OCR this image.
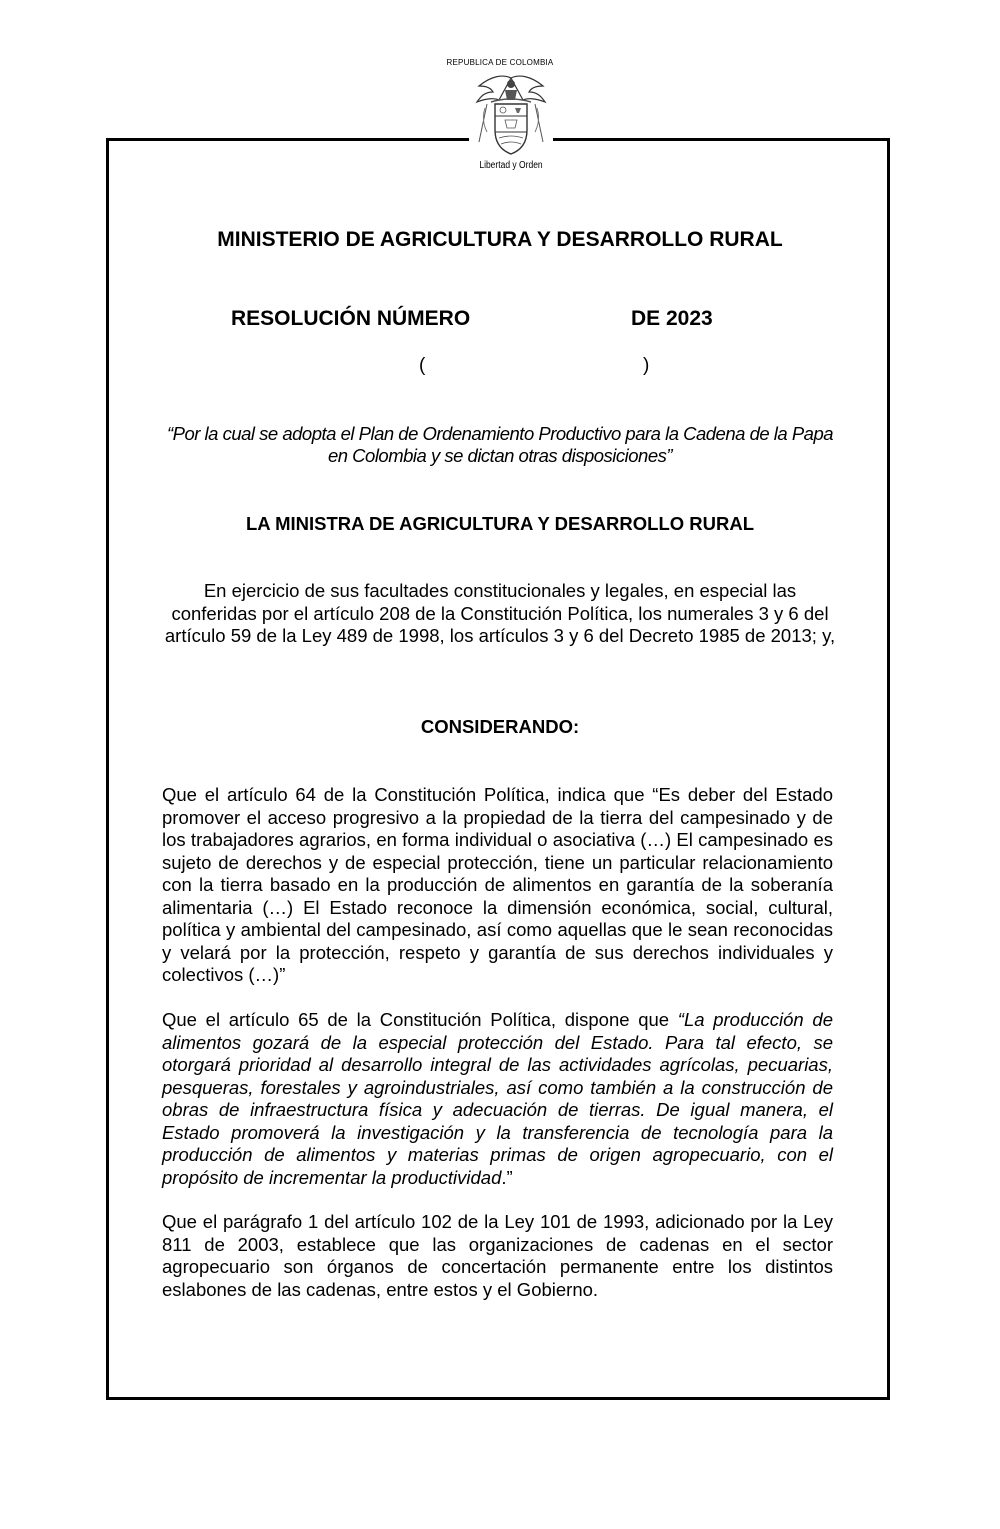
REPUBLICA DE COLOMBIA
Libertad y Orden
MINISTERIO DE AGRICULTURA Y DESARROLLO RURAL
RESOLUCIÓN NÚMERO	DE 2023
(	)
“Por la cual se adopta el Plan de Ordenamiento Productivo para la Cadena de la Papa en Colombia y se dictan otras disposiciones”
LA MINISTRA DE AGRICULTURA Y DESARROLLO RURAL
En ejercicio de sus facultades constitucionales y legales, en especial las conferidas por el artículo 208 de la Constitución Política, los numerales 3 y 6 del artículo 59 de la Ley 489 de 1998, los artículos 3 y 6 del Decreto 1985 de 2013; y,
CONSIDERANDO:
Que el artículo 64 de la Constitución Política, indica que “Es deber del Estado promover el acceso progresivo a la propiedad de la tierra del campesinado y de los trabajadores agrarios, en forma individual o asociativa (…) El campesinado es sujeto de derechos y de especial protección, tiene un particular relacionamiento con la tierra basado en la producción de alimentos en garantía de la soberanía alimentaria (…) El Estado reconoce la dimensión económica, social, cultural, política y ambiental del campesinado, así como aquellas que le sean reconocidas y velará por la protección, respeto y garantía de sus derechos individuales y colectivos (…)”
Que el artículo 65 de la Constitución Política, dispone que “La producción de alimentos gozará de la especial protección del Estado. Para tal efecto, se otorgará prioridad al desarrollo integral de las actividades agrícolas, pecuarias, pesqueras, forestales y agroindustriales, así como también a la construcción de obras de infraestructura física y adecuación de tierras. De igual manera, el Estado promoverá la investigación y la transferencia de tecnología para la producción de alimentos y materias primas de origen agropecuario, con el propósito de incrementar la productividad.”
Que el parágrafo 1 del artículo 102 de la Ley 101 de 1993, adicionado por la Ley 811 de 2003, establece que las organizaciones de cadenas en el sector agropecuario son órganos de concertación permanente entre los distintos eslabones de las cadenas, entre estos y el Gobierno.
